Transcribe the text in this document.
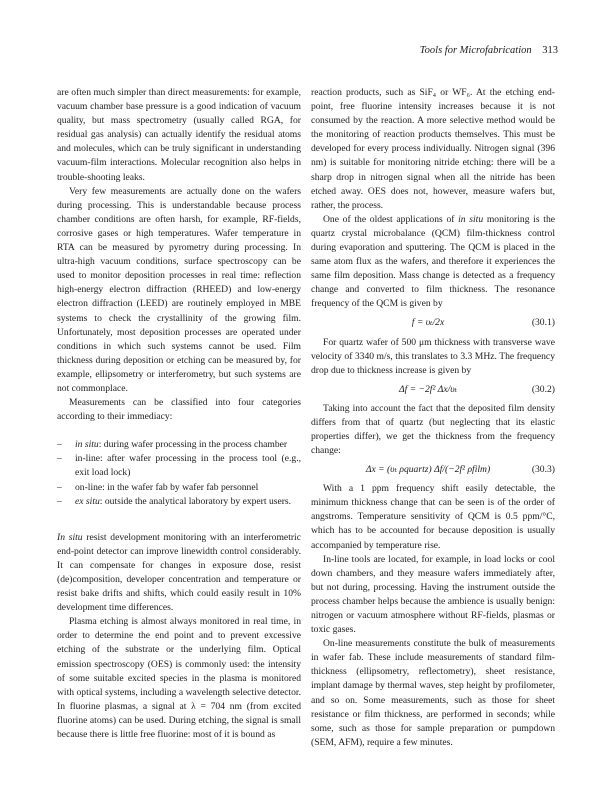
Tools for Microfabrication 313

are often much simpler than direct measurements: for example, vacuum chamber base pressure is a good indication of vacuum quality, but mass spectrometry (usually called RGA, for residual gas analysis) can actually identify the residual atoms and molecules, which can be truly significant in understanding vacuum-film interactions. Molecular recognition also helps in trouble-shooting leaks.

Very few measurements are actually done on the wafers during processing. This is understandable because process chamber conditions are often harsh, for example, RF-fields, corrosive gases or high temperatures. Wafer temperature in RTA can be measured by pyrometry during processing. In ultra-high vacuum conditions, surface spectroscopy can be used to monitor deposition processes in real time: reflection high-energy electron diffraction (RHEED) and low-energy electron diffraction (LEED) are routinely employed in MBE systems to check the crystallinity of the growing film. Unfortunately, most deposition processes are operated under conditions in which such systems cannot be used. Film thickness during deposition or etching can be measured by, for example, ellipsometry or interferometry, but such systems are not commonplace.

Measurements can be classified into four categories according to their immediacy:

– in situ: during wafer processing in the process chamber
– in-line: after wafer processing in the process tool (e.g., exit load lock)
– on-line: in the wafer fab by wafer fab personnel
– ex situ: outside the analytical laboratory by expert users.

In situ resist development monitoring with an interferometric end-point detector can improve linewidth control considerably. It can compensate for changes in exposure dose, resist (de)composition, developer concentration and temperature or resist bake drifts and shifts, which could easily result in 10% development time differences.

Plasma etching is almost always monitored in real time, in order to determine the end point and to prevent excessive etching of the substrate or the underlying film. Optical emission spectroscopy (OES) is commonly used: the intensity of some suitable excited species in the plasma is monitored with optical systems, including a wavelength selective detector. In fluorine plasmas, a signal at λ = 704 nm (from excited fluorine atoms) can be used. During etching, the signal is small because there is little free fluorine: most of it is bound as

reaction products, such as SiF₄ or WF₆. At the etching end-point, free fluorine intensity increases because it is not consumed by the reaction. A more selective method would be the monitoring of reaction products themselves. This must be developed for every process individually. Nitrogen signal (396 nm) is suitable for monitoring nitride etching: there will be a sharp drop in nitrogen signal when all the nitride has been etched away. OES does not, however, measure wafers but, rather, the process.

One of the oldest applications of in situ monitoring is the quartz crystal microbalance (QCM) film-thickness control during evaporation and sputtering. The QCM is placed in the same atom flux as the wafers, and therefore it experiences the same film deposition. Mass change is detected as a frequency change and converted to film thickness. The resonance frequency of the QCM is given by

f = υₜ/2x	(30.1)

For quartz wafer of 500 μm thickness with transverse wave velocity of 3340 m/s, this translates to 3.3 MHz. The frequency drop due to thickness increase is given by

Δf = −2f² Δx/υₜ	(30.2)

Taking into account the fact that the deposited film density differs from that of quartz (but neglecting that its elastic properties differ), we get the thickness from the frequency change:

Δx = (υₜ ρquartz) Δf/(−2f² ρfilm)	(30.3)

With a 1 ppm frequency shift easily detectable, the minimum thickness change that can be seen is of the order of angstroms. Temperature sensitivity of QCM is 0.5 ppm/°C, which has to be accounted for because deposition is usually accompanied by temperature rise.

In-line tools are located, for example, in load locks or cool down chambers, and they measure wafers immediately after, but not during, processing. Having the instrument outside the process chamber helps because the ambience is usually benign: nitrogen or vacuum atmosphere without RF-fields, plasmas or toxic gases.

On-line measurements constitute the bulk of measurements in wafer fab. These include measurements of standard film-thickness (ellipsometry, reflectometry), sheet resistance, implant damage by thermal waves, step height by profilometer, and so on. Some measurements, such as those for sheet resistance or film thickness, are performed in seconds; while some, such as those for sample preparation or pumpdown (SEM, AFM), require a few minutes.
